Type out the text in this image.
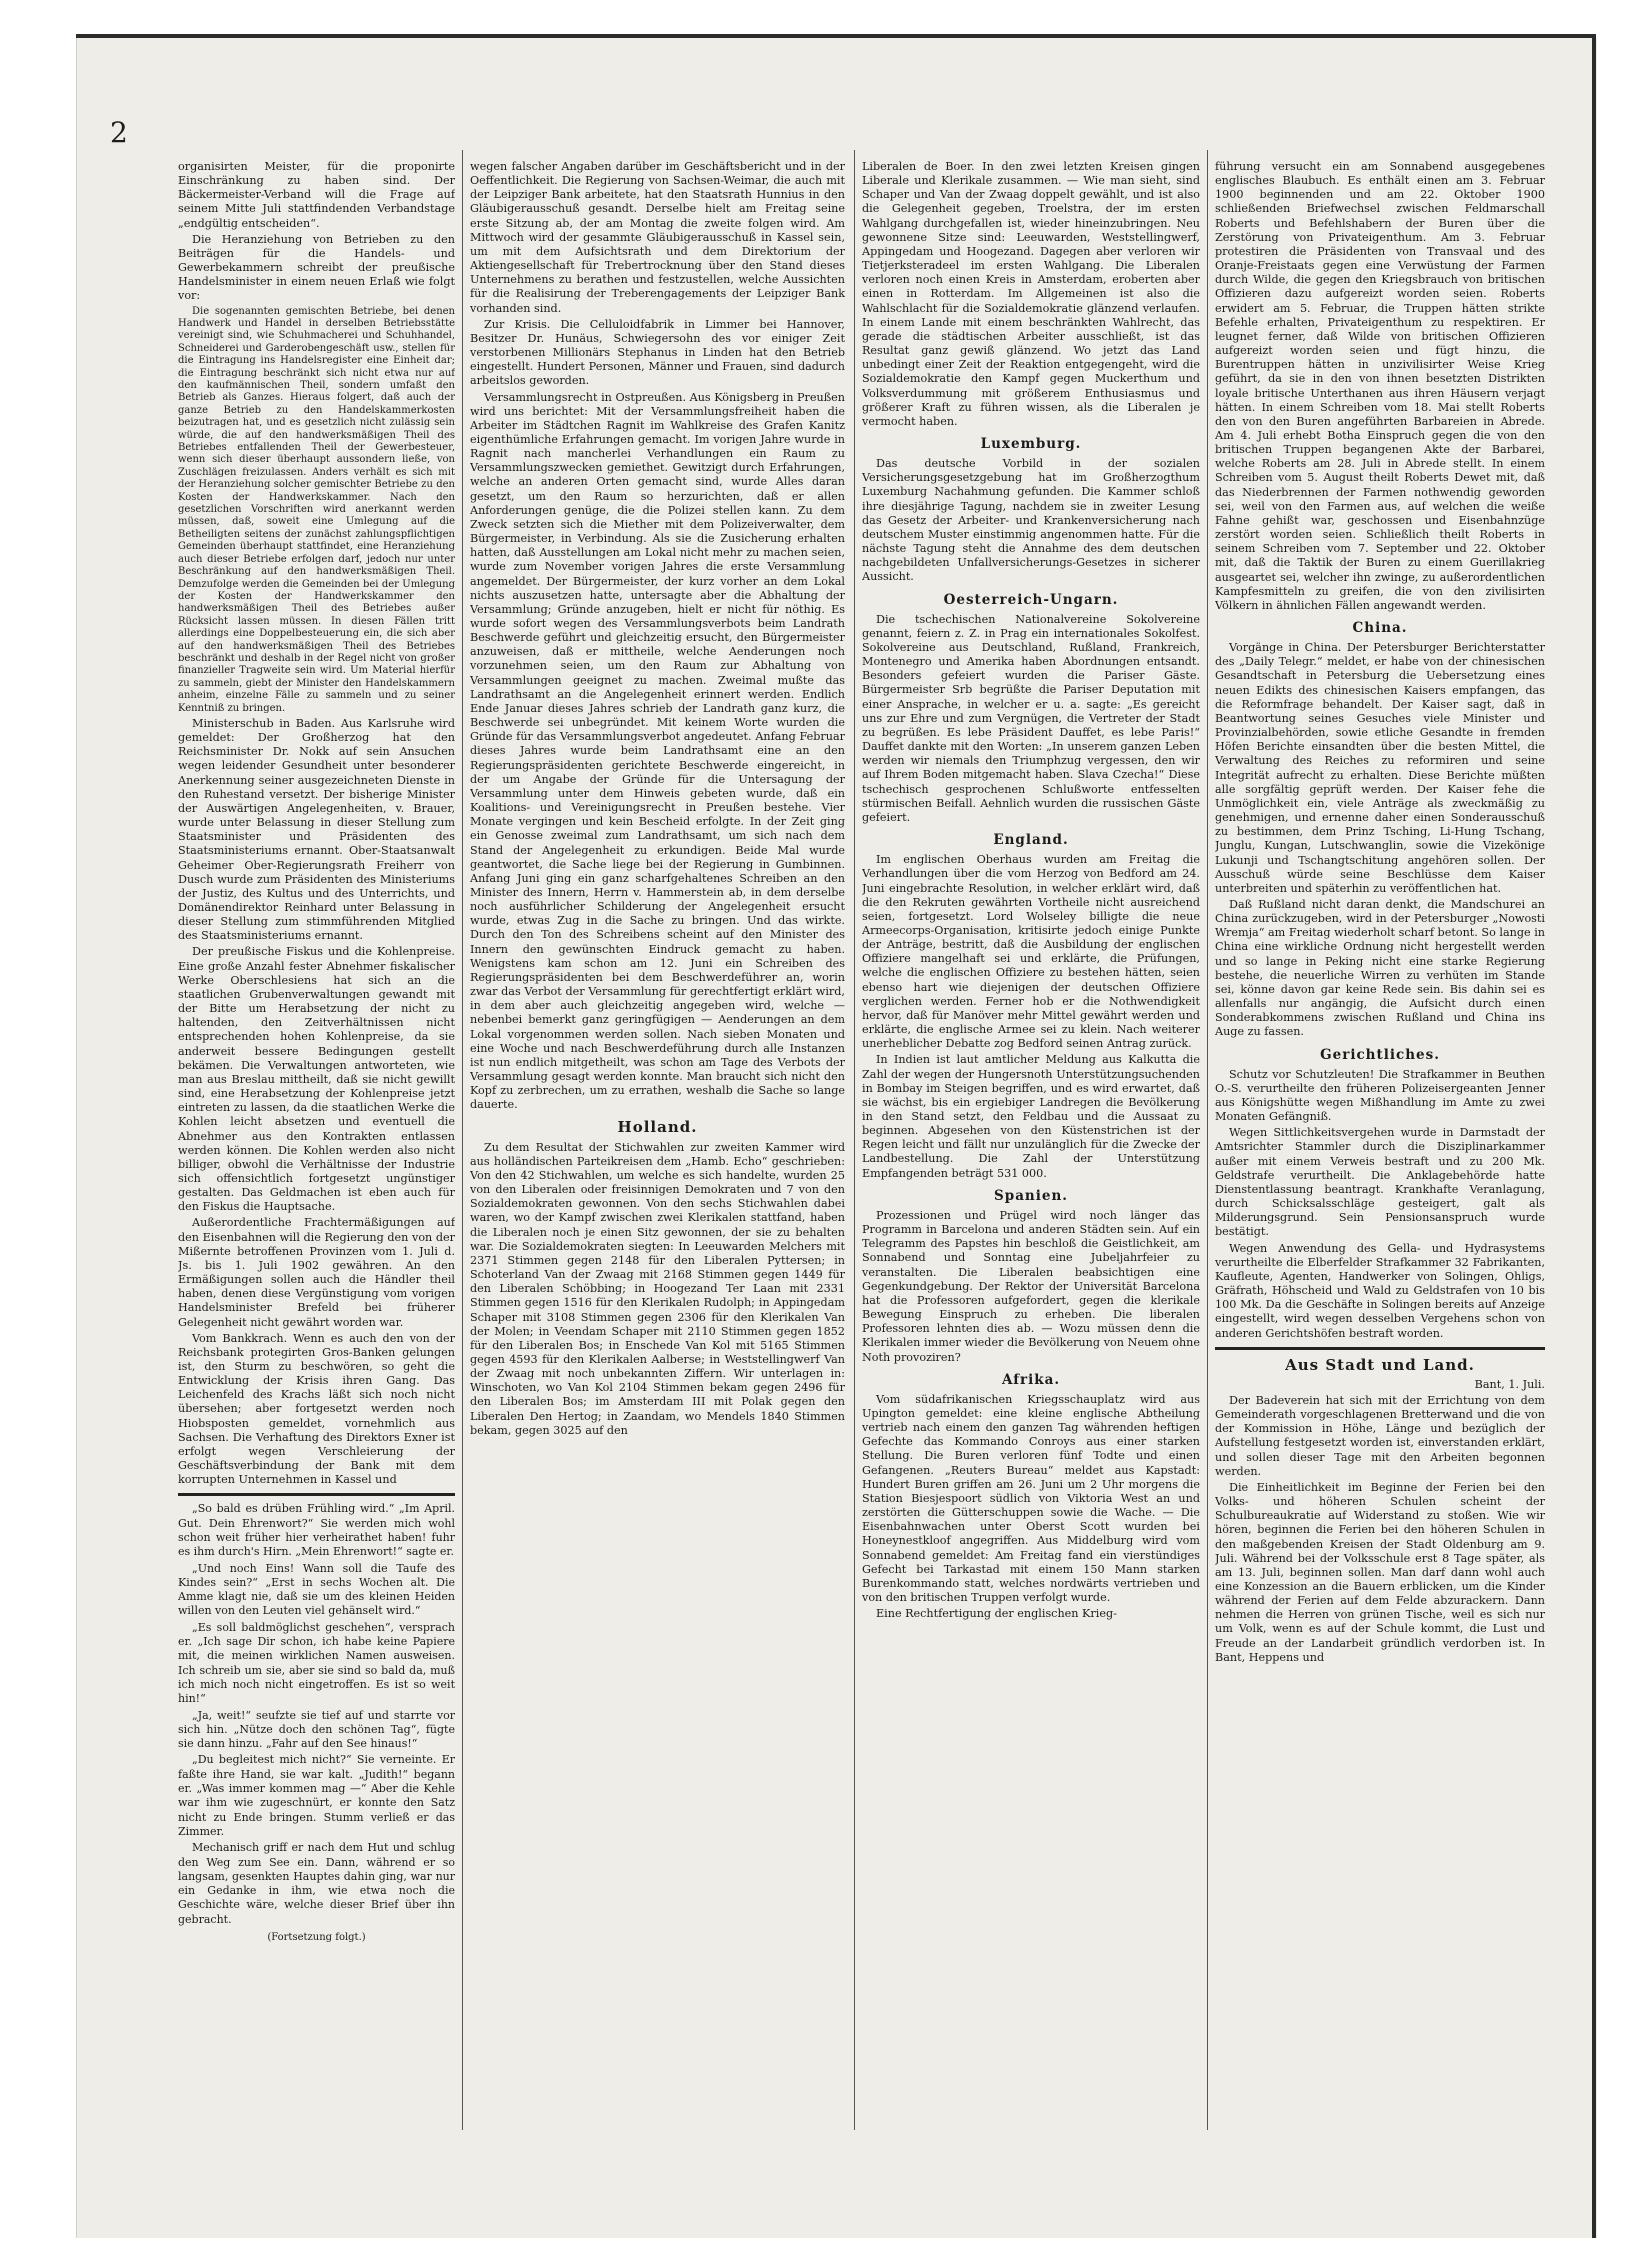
2

organisirten Meister, für die proponirte Einschränkung zu haben sind. Der Bäckermeister-Verband will die Frage auf seinem Mitte Juli stattfindenden Verbandstage „endgültig entscheiden“.

Die Heranziehung von Betrieben zu den Beiträgen für die Handels- und Gewerbekammern schreibt der preußische Handelsminister in einem neuen Erlaß wie folgt vor:

Die sogenannten gemischten Betriebe, bei denen Handwerk und Handel in derselben Betriebsstätte vereinigt sind, wie Schuhmacherei und Schuhhandel, Schneiderei und Garderobengeschäft usw., stellen für die Eintragung ins Handelsregister eine Einheit dar; die Eintragung beschränkt sich nicht etwa nur auf den kaufmännischen Theil, sondern umfaßt den Betrieb als Ganzes. Hieraus folgert, daß auch der ganze Betrieb zu den Handelskammerkosten beizutragen hat, und es gesetzlich nicht zulässig sein würde, die auf den handwerksmäßigen Theil des Betriebes entfallenden Theil der Gewerbesteuer, wenn sich dieser überhaupt aussondern ließe, von Zuschlägen freizulassen. Anders verhält es sich mit der Heranziehung solcher gemischter Betriebe zu den Kosten der Handwerkskammer. Nach den gesetzlichen Vorschriften wird anerkannt werden müssen, daß, soweit eine Umlegung auf die Betheiligten seitens der zunächst zahlungspflichtigen Gemeinden überhaupt stattfindet, eine Heranziehung auch dieser Betriebe erfolgen darf, jedoch nur unter Beschränkung auf den handwerksmäßigen Theil. Demzufolge werden die Gemeinden bei der Umlegung der Kosten der Handwerkskammer den handwerksmäßigen Theil des Betriebes außer Rücksicht lassen müssen. In diesen Fällen tritt allerdings eine Doppelbesteuerung ein, die sich aber auf den handwerksmäßigen Theil des Betriebes beschränkt und deshalb in der Regel nicht von großer finanzieller Tragweite sein wird. Um Material hierfür zu sammeln, giebt der Minister den Handelskammern anheim, einzelne Fälle zu sammeln und zu seiner Kenntniß zu bringen.

Ministerschub in Baden. Aus Karlsruhe wird gemeldet: Der Großherzog hat den Reichsminister Dr. Nokk auf sein Ansuchen wegen leidender Gesundheit unter besonderer Anerkennung seiner ausgezeichneten Dienste in den Ruhestand versetzt. Der bisherige Minister der Auswärtigen Angelegenheiten, v. Brauer, wurde unter Belassung in dieser Stellung zum Staatsminister und Präsidenten des Staatsministeriums ernannt. Ober-Staatsanwalt Geheimer Ober-Regierungsrath Freiherr von Dusch wurde zum Präsidenten des Ministeriums der Justiz, des Kultus und des Unterrichts, und Domänendirektor Reinhard unter Belassung in dieser Stellung zum stimmführenden Mitglied des Staatsministeriums ernannt.

Der preußische Fiskus und die Kohlenpreise. Eine große Anzahl fester Abnehmer fiskalischer Werke Oberschlesiens hat sich an die staatlichen Grubenverwaltungen gewandt mit der Bitte um Herabsetzung der nicht zu haltenden, den Zeitverhältnissen nicht entsprechenden hohen Kohlenpreise, da sie anderweit bessere Bedingungen gestellt bekämen. Die Verwaltungen antworteten, wie man aus Breslau mittheilt, daß sie nicht gewillt sind, eine Herabsetzung der Kohlenpreise jetzt eintreten zu lassen, da die staatlichen Werke die Kohlen leicht absetzen und eventuell die Abnehmer aus den Kontrakten entlassen werden können. Die Kohlen werden also nicht billiger, obwohl die Verhältnisse der Industrie sich offensichtlich fortgesetzt ungünstiger gestalten. Das Geldmachen ist eben auch für den Fiskus die Hauptsache.

Außerordentliche Frachtermäßigungen auf den Eisenbahnen will die Regierung den von der Mißernte betroffenen Provinzen vom 1. Juli d. Js. bis 1. Juli 1902 gewähren. An den Ermäßigungen sollen auch die Händler theil haben, denen diese Vergünstigung vom vorigen Handelsminister Brefeld bei früherer Gelegenheit nicht gewährt worden war.

Vom Bankkrach. Wenn es auch den von der Reichsbank protegirten Gros-Banken gelungen ist, den Sturm zu beschwören, so geht die Entwicklung der Krisis ihren Gang. Das Leichenfeld des Krachs läßt sich noch nicht übersehen; aber fortgesetzt werden noch Hiobsposten gemeldet, vornehmlich aus Sachsen. Die Verhaftung des Direktors Exner ist erfolgt wegen Verschleierung der Geschäftsverbindung der Bank mit dem korrupten Unternehmen in Kassel und

„So bald es drüben Frühling wird.“ „Im April. Gut. Dein Ehrenwort?“ Sie werden mich wohl schon weit früher hier verheirathet haben! fuhr es ihm durch's Hirn. „Mein Ehrenwort!“ sagte er.

„Und noch Eins! Wann soll die Taufe des Kindes sein?“ „Erst in sechs Wochen alt. Die Amme klagt nie, daß sie um des kleinen Heiden willen von den Leuten viel gehänselt wird.“

„Es soll baldmöglichst geschehen“, versprach er. „Ich sage Dir schon, ich habe keine Papiere mit, die meinen wirklichen Namen ausweisen. Ich schreib um sie, aber sie sind so bald da, muß ich mich noch nicht eingetroffen. Es ist so weit hin!“

„Ja, weit!“ seufzte sie tief auf und starrte vor sich hin. „Nütze doch den schönen Tag“, fügte sie dann hinzu. „Fahr auf den See hinaus!“

„Du begleitest mich nicht?“ Sie verneinte. Er faßte ihre Hand, sie war kalt. „Judith!“ begann er. „Was immer kommen mag —“ Aber die Kehle war ihm wie zugeschnürt, er konnte den Satz nicht zu Ende bringen. Stumm verließ er das Zimmer.

Mechanisch griff er nach dem Hut und schlug den Weg zum See ein. Dann, während er so langsam, gesenkten Hauptes dahin ging, war nur ein Gedanke in ihm, wie etwa noch die Geschichte wäre, welche dieser Brief über ihn gebracht.

(Fortsetzung folgt.)

wegen falscher Angaben darüber im Geschäftsbericht und in der Oeffentlichkeit. Die Regierung von Sachsen-Weimar, die auch mit der Leipziger Bank arbeitete, hat den Staatsrath Hunnius in den Gläubigerausschuß gesandt. Derselbe hielt am Freitag seine erste Sitzung ab, der am Montag die zweite folgen wird. Am Mittwoch wird der gesammte Gläubigerausschuß in Kassel sein, um mit dem Aufsichtsrath und dem Direktorium der Aktiengesellschaft für Trebertrocknung über den Stand dieses Unternehmens zu berathen und festzustellen, welche Aussichten für die Realisirung der Treberengagements der Leipziger Bank vorhanden sind.

Zur Krisis. Die Celluloidfabrik in Limmer bei Hannover, Besitzer Dr. Hunäus, Schwiegersohn des vor einiger Zeit verstorbenen Millionärs Stephanus in Linden hat den Betrieb eingestellt. Hundert Personen, Männer und Frauen, sind dadurch arbeitslos geworden.

Versammlungsrecht in Ostpreußen. Aus Königsberg in Preußen wird uns berichtet: Mit der Versammlungsfreiheit haben die Arbeiter im Städtchen Ragnit im Wahlkreise des Grafen Kanitz eigenthümliche Erfahrungen gemacht. Im vorigen Jahre wurde in Ragnit nach mancherlei Verhandlungen ein Raum zu Versammlungszwecken gemiethet. Gewitzigt durch Erfahrungen, welche an anderen Orten gemacht sind, wurde Alles daran gesetzt, um den Raum so herzurichten, daß er allen Anforderungen genüge, die die Polizei stellen kann. Zu dem Zweck setzten sich die Miether mit dem Polizeiverwalter, dem Bürgermeister, in Verbindung. Als sie die Zusicherung erhalten hatten, daß Ausstellungen am Lokal nicht mehr zu machen seien, wurde zum November vorigen Jahres die erste Versammlung angemeldet. Der Bürgermeister, der kurz vorher an dem Lokal nichts auszusetzen hatte, untersagte aber die Abhaltung der Versammlung; Gründe anzugeben, hielt er nicht für nöthig. Es wurde sofort wegen des Versammlungsverbots beim Landrath Beschwerde geführt und gleichzeitig ersucht, den Bürgermeister anzuweisen, daß er mittheile, welche Aenderungen noch vorzunehmen seien, um den Raum zur Abhaltung von Versammlungen geeignet zu machen. Zweimal mußte das Landrathsamt an die Angelegenheit erinnert werden. Endlich Ende Januar dieses Jahres schrieb der Landrath ganz kurz, die Beschwerde sei unbegründet. Mit keinem Worte wurden die Gründe für das Versammlungsverbot angedeutet. Anfang Februar dieses Jahres wurde beim Landrathsamt eine an den Regierungspräsidenten gerichtete Beschwerde eingereicht, in der um Angabe der Gründe für die Untersagung der Versammlung unter dem Hinweis gebeten wurde, daß ein Koalitions- und Vereinigungsrecht in Preußen bestehe. Vier Monate vergingen und kein Bescheid erfolgte. In der Zeit ging ein Genosse zweimal zum Landrathsamt, um sich nach dem Stand der Angelegenheit zu erkundigen. Beide Mal wurde geantwortet, die Sache liege bei der Regierung in Gumbinnen. Anfang Juni ging ein ganz scharfgehaltenes Schreiben an den Minister des Innern, Herrn v. Hammerstein ab, in dem derselbe noch ausführlicher Schilderung der Angelegenheit ersucht wurde, etwas Zug in die Sache zu bringen. Und das wirkte. Durch den Ton des Schreibens scheint auf den Minister des Innern den gewünschten Eindruck gemacht zu haben. Wenigstens kam schon am 12. Juni ein Schreiben des Regierungspräsidenten bei dem Beschwerdeführer an, worin zwar das Verbot der Versammlung für gerechtfertigt erklärt wird, in dem aber auch gleichzeitig angegeben wird, welche — nebenbei bemerkt ganz geringfügigen — Aenderungen an dem Lokal vorgenommen werden sollen. Nach sieben Monaten und eine Woche und nach Beschwerdeführung durch alle Instanzen ist nun endlich mitgetheilt, was schon am Tage des Verbots der Versammlung gesagt werden konnte. Man braucht sich nicht den Kopf zu zerbrechen, um zu errathen, weshalb die Sache so lange dauerte.

Holland.

Zu dem Resultat der Stichwahlen zur zweiten Kammer wird aus holländischen Parteikreisen dem „Hamb. Echo“ geschrieben: Von den 42 Stichwahlen, um welche es sich handelte, wurden 25 von den Liberalen oder freisinnigen Demokraten und 7 von den Sozialdemokraten gewonnen. Von den sechs Stichwahlen dabei waren, wo der Kampf zwischen zwei Klerikalen stattfand, haben die Liberalen noch je einen Sitz gewonnen, der sie zu behalten war. Die Sozialdemokraten siegten: In Leeuwarden Melchers mit 2371 Stimmen gegen 2148 für den Liberalen Pyttersen; in Schoterland Van der Zwaag mit 2168 Stimmen gegen 1449 für den Liberalen Schöbbing; in Hoogezand Ter Laan mit 2331 Stimmen gegen 1516 für den Klerikalen Rudolph; in Appingedam Schaper mit 3108 Stimmen gegen 2306 für den Klerikalen Van der Molen; in Veendam Schaper mit 2110 Stimmen gegen 1852 für den Liberalen Bos; in Enschede Van Kol mit 5165 Stimmen gegen 4593 für den Klerikalen Aalberse; in Weststellingwerf Van der Zwaag mit noch unbekannten Ziffern. Wir unterlagen in: Winschoten, wo Van Kol 2104 Stimmen bekam gegen 2496 für den Liberalen Bos; im Amsterdam III mit Polak gegen den Liberalen Den Hertog; in Zaandam, wo Mendels 1840 Stimmen bekam, gegen 3025 auf den

Liberalen de Boer. In den zwei letzten Kreisen gingen Liberale und Klerikale zusammen. — Wie man sieht, sind Schaper und Van der Zwaag doppelt gewählt, und ist also die Gelegenheit gegeben, Troelstra, der im ersten Wahlgang durchgefallen ist, wieder hineinzubringen. Neu gewonnene Sitze sind: Leeuwarden, Weststellingwerf, Appingedam und Hoogezand. Dagegen aber verloren wir Tietjerksteradeel im ersten Wahlgang. Die Liberalen verloren noch einen Kreis in Amsterdam, eroberten aber einen in Rotterdam. Im Allgemeinen ist also die Wahlschlacht für die Sozialdemokratie glänzend verlaufen. In einem Lande mit einem beschränkten Wahlrecht, das gerade die städtischen Arbeiter ausschließt, ist das Resultat ganz gewiß glänzend. Wo jetzt das Land unbedingt einer Zeit der Reaktion entgegengeht, wird die Sozialdemokratie den Kampf gegen Muckerthum und Volksverdummung mit größerem Enthusiasmus und größerer Kraft zu führen wissen, als die Liberalen je vermocht haben.

Luxemburg.

Das deutsche Vorbild in der sozialen Versicherungsgesetzgebung hat im Großherzogthum Luxemburg Nachahmung gefunden. Die Kammer schloß ihre diesjährige Tagung, nachdem sie in zweiter Lesung das Gesetz der Arbeiter- und Krankenversicherung nach deutschem Muster einstimmig angenommen hatte. Für die nächste Tagung steht die Annahme des dem deutschen nachgebildeten Unfallversicherungs-Gesetzes in sicherer Aussicht.

Oesterreich-Ungarn.

Die tschechischen Nationalvereine Sokolvereine genannt, feiern z. Z. in Prag ein internationales Sokolfest. Sokolvereine aus Deutschland, Rußland, Frankreich, Montenegro und Amerika haben Abordnungen entsandt. Besonders gefeiert wurden die Pariser Gäste. Bürgermeister Srb begrüßte die Pariser Deputation mit einer Ansprache, in welcher er u. a. sagte: „Es gereicht uns zur Ehre und zum Vergnügen, die Vertreter der Stadt zu begrüßen. Es lebe Präsident Dauffet, es lebe Paris!“ Dauffet dankte mit den Worten: „In unserem ganzen Leben werden wir niemals den Triumphzug vergessen, den wir auf Ihrem Boden mitgemacht haben. Slava Czecha!“ Diese tschechisch gesprochenen Schlußworte entfesselten stürmischen Beifall. Aehnlich wurden die russischen Gäste gefeiert.

England.

Im englischen Oberhaus wurden am Freitag die Verhandlungen über die vom Herzog von Bedford am 24. Juni eingebrachte Resolution, in welcher erklärt wird, daß die den Rekruten gewährten Vortheile nicht ausreichend seien, fortgesetzt. Lord Wolseley billigte die neue Armeecorps-Organisation, kritisirte jedoch einige Punkte der Anträge, bestritt, daß die Ausbildung der englischen Offiziere mangelhaft sei und erklärte, die Prüfungen, welche die englischen Offiziere zu bestehen hätten, seien ebenso hart wie diejenigen der deutschen Offiziere verglichen werden. Ferner hob er die Nothwendigkeit hervor, daß für Manöver mehr Mittel gewährt werden und erklärte, die englische Armee sei zu klein. Nach weiterer unerheblicher Debatte zog Bedford seinen Antrag zurück.

In Indien ist laut amtlicher Meldung aus Kalkutta die Zahl der wegen der Hungersnoth Unterstützungsuchenden in Bombay im Steigen begriffen, und es wird erwartet, daß sie wächst, bis ein ergiebiger Landregen die Bevölkerung in den Stand setzt, den Feldbau und die Aussaat zu beginnen. Abgesehen von den Küstenstrichen ist der Regen leicht und fällt nur unzulänglich für die Zwecke der Landbestellung. Die Zahl der Unterstützung Empfangenden beträgt 531 000.

Spanien.

Prozessionen und Prügel wird noch länger das Programm in Barcelona und anderen Städten sein. Auf ein Telegramm des Papstes hin beschloß die Geistlichkeit, am Sonnabend und Sonntag eine Jubeljahrfeier zu veranstalten. Die Liberalen beabsichtigen eine Gegenkundgebung. Der Rektor der Universität Barcelona hat die Professoren aufgefordert, gegen die klerikale Bewegung Einspruch zu erheben. Die liberalen Professoren lehnten dies ab. — Wozu müssen denn die Klerikalen immer wieder die Bevölkerung von Neuem ohne Noth provoziren?

Afrika.

Vom südafrikanischen Kriegsschauplatz wird aus Upington gemeldet: eine kleine englische Abtheilung vertrieb nach einem den ganzen Tag währenden heftigen Gefechte das Kommando Conroys aus einer starken Stellung. Die Buren verloren fünf Todte und einen Gefangenen. „Reuters Bureau“ meldet aus Kapstadt: Hundert Buren griffen am 26. Juni um 2 Uhr morgens die Station Biesjespoort südlich von Viktoria West an und zerstörten die Gütterschuppen sowie die Wache. — Die Eisenbahnwachen unter Oberst Scott wurden bei Honeynestkloof angegriffen. Aus Middelburg wird vom Sonnabend gemeldet: Am Freitag fand ein vierstündiges Gefecht bei Tarkastad mit einem 150 Mann starken Burenkommando statt, welches nordwärts vertrieben und von den britischen Truppen verfolgt wurde.

Eine Rechtfertigung der englischen Krieg-

führung versucht ein am Sonnabend ausgegebenes englisches Blaubuch. Es enthält einen am 3. Februar 1900 beginnenden und am 22. Oktober 1900 schließenden Briefwechsel zwischen Feldmarschall Roberts und Befehlshabern der Buren über die Zerstörung von Privateigenthum. Am 3. Februar protestiren die Präsidenten von Transvaal und des Oranje-Freistaats gegen eine Verwüstung der Farmen durch Wilde, die gegen den Kriegsbrauch von britischen Offizieren dazu aufgereizt worden seien. Roberts erwidert am 5. Februar, die Truppen hätten strikte Befehle erhalten, Privateigenthum zu respektiren. Er leugnet ferner, daß Wilde von britischen Offizieren aufgereizt worden seien und fügt hinzu, die Burentruppen hätten in unzivilisirter Weise Krieg geführt, da sie in den von ihnen besetzten Distrikten loyale britische Unterthanen aus ihren Häusern verjagt hätten. In einem Schreiben vom 18. Mai stellt Roberts den von den Buren angeführten Barbareien in Abrede. Am 4. Juli erhebt Botha Einspruch gegen die von den britischen Truppen begangenen Akte der Barbarei, welche Roberts am 28. Juli in Abrede stellt. In einem Schreiben vom 5. August theilt Roberts Dewet mit, daß das Niederbrennen der Farmen nothwendig geworden sei, weil von den Farmen aus, auf welchen die weiße Fahne gehißt war, geschossen und Eisenbahnzüge zerstört worden seien. Schließlich theilt Roberts in seinem Schreiben vom 7. September und 22. Oktober mit, daß die Taktik der Buren zu einem Guerillakrieg ausgeartet sei, welcher ihn zwinge, zu außerordentlichen Kampfesmitteln zu greifen, die von den zivilisirten Völkern in ähnlichen Fällen angewandt werden.

China.

Vorgänge in China. Der Petersburger Berichterstatter des „Daily Telegr.“ meldet, er habe von der chinesischen Gesandtschaft in Petersburg die Uebersetzung eines neuen Edikts des chinesischen Kaisers empfangen, das die Reformfrage behandelt. Der Kaiser sagt, daß in Beantwortung seines Gesuches viele Minister und Provinzialbehörden, sowie etliche Gesandte in fremden Höfen Berichte einsandten über die besten Mittel, die Verwaltung des Reiches zu reformiren und seine Integrität aufrecht zu erhalten. Diese Berichte müßten alle sorgfältig geprüft werden. Der Kaiser fehe die Unmöglichkeit ein, viele Anträge als zweckmäßig zu genehmigen, und ernenne daher einen Sonderausschuß zu bestimmen, dem Prinz Tsching, Li-Hung Tschang, Junglu, Kungan, Lutschwanglin, sowie die Vizekönige Lukunji und Tschangtschitung angehören sollen. Der Ausschuß würde seine Beschlüsse dem Kaiser unterbreiten und späterhin zu veröffentlichen hat.

Daß Rußland nicht daran denkt, die Mandschurei an China zurückzugeben, wird in der Petersburger „Nowosti Wremja“ am Freitag wiederholt scharf betont. So lange in China eine wirkliche Ordnung nicht hergestellt werden und so lange in Peking nicht eine starke Regierung bestehe, die neuerliche Wirren zu verhüten im Stande sei, könne davon gar keine Rede sein. Bis dahin sei es allenfalls nur angängig, die Aufsicht durch einen Sonderabkommens zwischen Rußland und China ins Auge zu fassen.

Gerichtliches.

Schutz vor Schutzleuten! Die Strafkammer in Beuthen O.-S. verurtheilte den früheren Polizeisergeanten Jenner aus Königshütte wegen Mißhandlung im Amte zu zwei Monaten Gefängniß.

Wegen Sittlichkeitsvergehen wurde in Darmstadt der Amtsrichter Stammler durch die Disziplinarkammer außer mit einem Verweis bestraft und zu 200 Mk. Geldstrafe verurtheilt. Die Anklagebehörde hatte Dienstentlassung beantragt. Krankhafte Veranlagung, durch Schicksalsschläge gesteigert, galt als Milderungsgrund. Sein Pensionsanspruch wurde bestätigt.

Wegen Anwendung des Gella- und Hydrasystems verurtheilte die Elberfelder Strafkammer 32 Fabrikanten, Kaufleute, Agenten, Handwerker von Solingen, Ohligs, Gräfrath, Höhscheid und Wald zu Geldstrafen von 10 bis 100 Mk. Da die Geschäfte in Solingen bereits auf Anzeige eingestellt, wird wegen desselben Vergehens schon von anderen Gerichtshöfen bestraft worden.

Aus Stadt und Land.
Bant, 1. Juli.

Der Badeverein hat sich mit der Errichtung von dem Gemeinderath vorgeschlagenen Bretterwand und die von der Kommission in Höhe, Länge und bezüglich der Aufstellung festgesetzt worden ist, einverstanden erklärt, und sollen dieser Tage mit den Arbeiten begonnen werden.

Die Einheitlichkeit im Beginne der Ferien bei den Volks- und höheren Schulen scheint der Schulbureaukratie auf Widerstand zu stoßen. Wie wir hören, beginnen die Ferien bei den höheren Schulen in den maßgebenden Kreisen der Stadt Oldenburg am 9. Juli. Während bei der Volksschule erst 8 Tage später, als am 13. Juli, beginnen sollen. Man darf dann wohl auch eine Konzession an die Bauern erblicken, um die Kinder während der Ferien auf dem Felde abzurackern. Dann nehmen die Herren von grünen Tische, weil es sich nur um Volk, wenn es auf der Schule kommt, die Lust und Freude an der Landarbeit gründlich verdorben ist. In Bant, Heppens und
